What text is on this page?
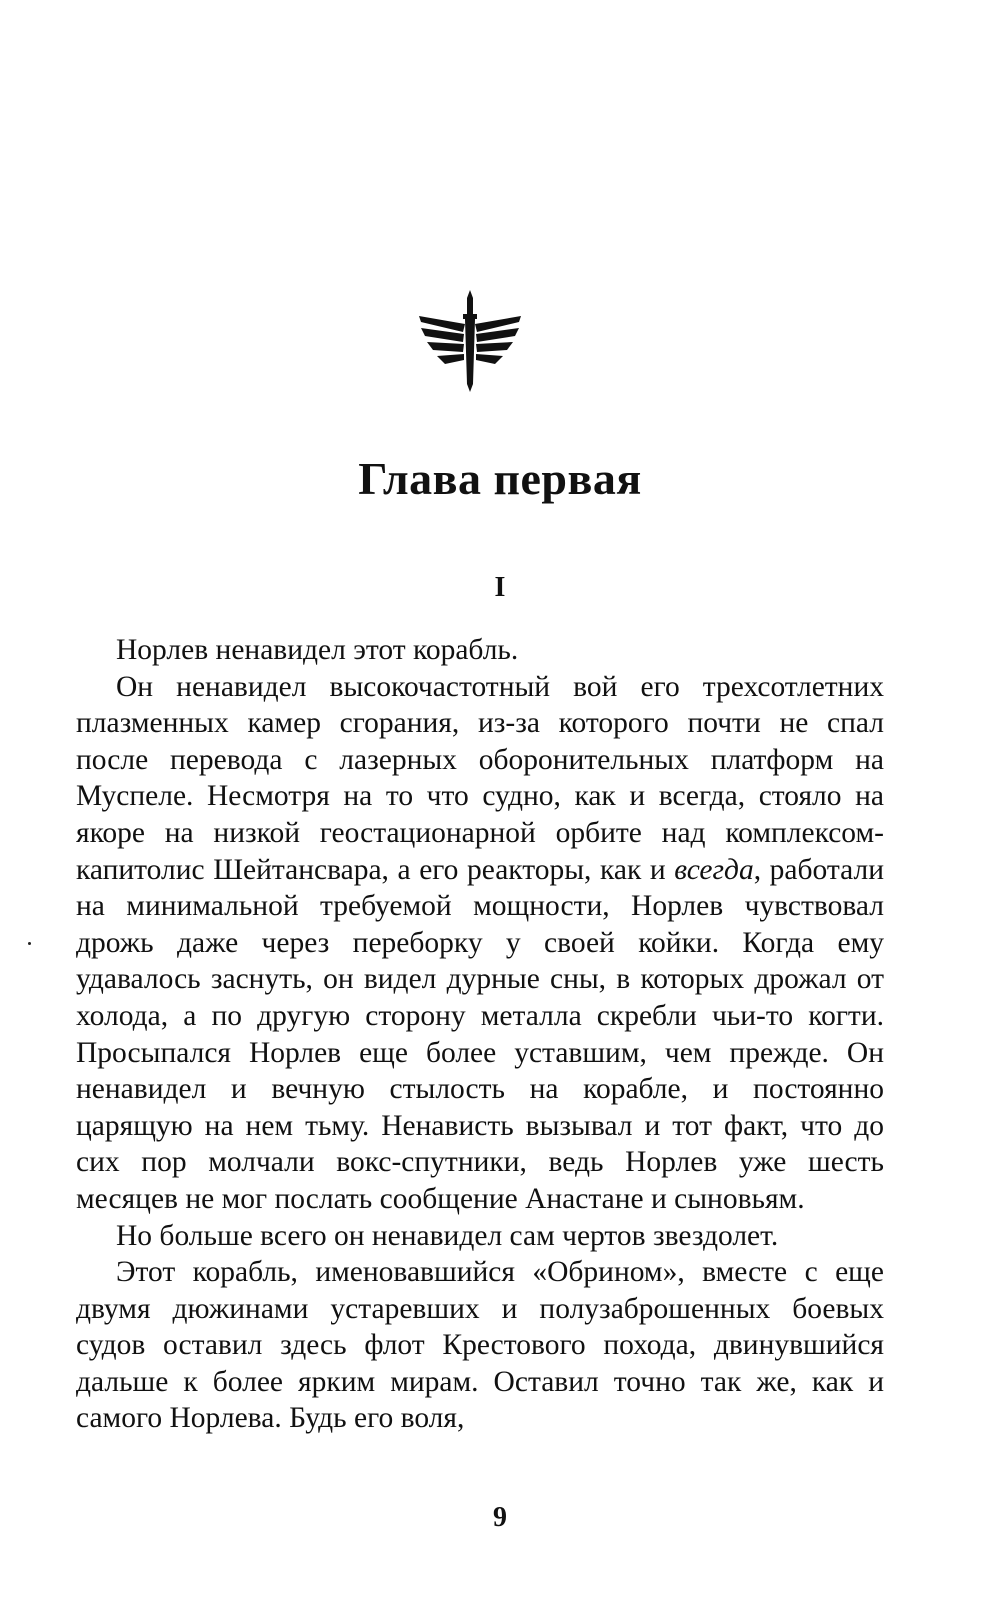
Глава первая
I

Норлев ненавидел этот корабль.

Он ненавидел высокочастотный вой его трехсотлетних плазменных камер сгорания, из-за которого почти не спал после перевода с лазерных оборонительных платформ на Муспеле. Несмотря на то что судно, как и всегда, стояло на якоре на низкой геостационарной орбите над комплексом-капитолис Шейтансвара, а его реакторы, как и всегда, работали на минимальной требуемой мощности, Норлев чувствовал дрожь даже через переборку у своей койки. Когда ему удавалось заснуть, он видел дурные сны, в которых дрожал от холода, а по другую сторону металла скребли чьи-то когти. Просыпался Норлев еще более уставшим, чем прежде. Он ненавидел и вечную стылость на корабле, и постоянно царящую на нем тьму. Ненависть вызывал и тот факт, что до сих пор молчали вокс-спутники, ведь Норлев уже шесть месяцев не мог послать сообщение Анастане и сыновьям.

Но больше всего он ненавидел сам чертов звездолет.

Этот корабль, именовавшийся «Обрином», вместе с еще двумя дюжинами устаревших и полузаброшенных боевых судов оставил здесь флот Крестового похода, двинувшийся дальше к более ярким мирам. Оставил точно так же, как и самого Норлева. Будь его воля,

9
